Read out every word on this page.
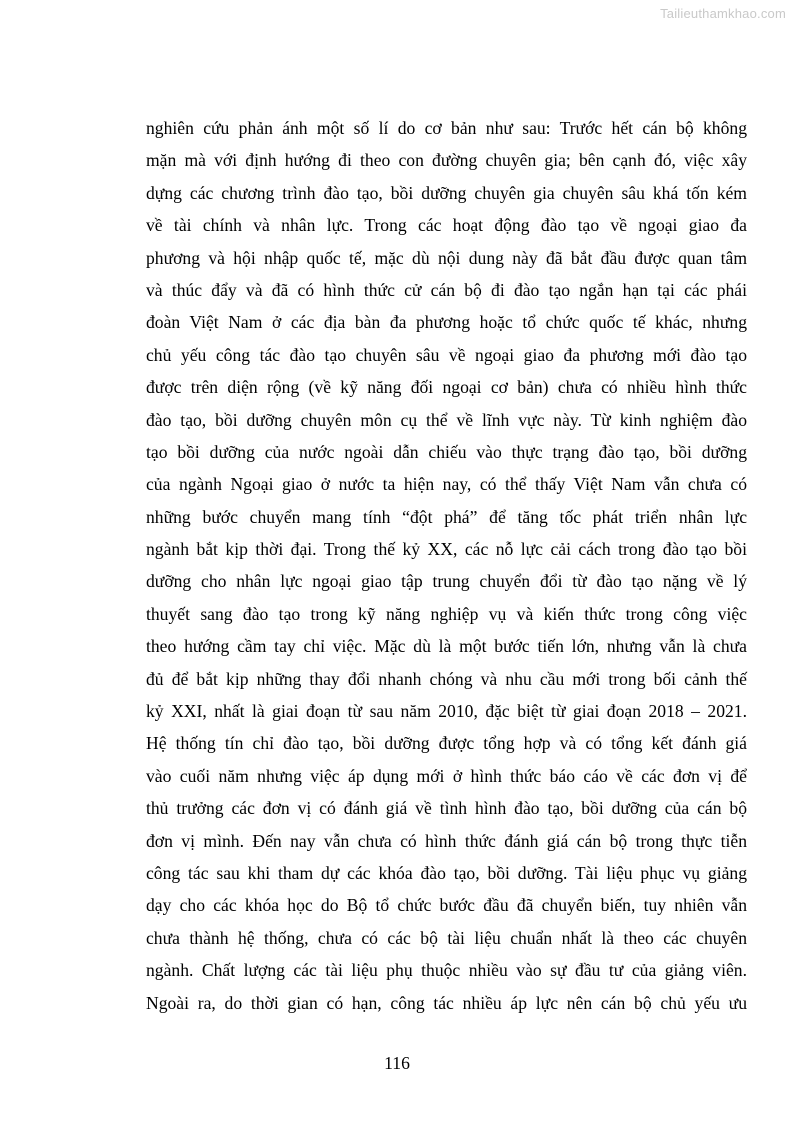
Tailieuthamkhao.com
nghiên cứu phản ánh một số lí do cơ bản như sau: Trước hết cán bộ không
mặn mà với định hướng đi theo con đường chuyên gia; bên cạnh đó, việc xây
dựng các chương trình đào tạo, bồi dưỡng chuyên gia chuyên sâu khá tốn kém
về tài chính và nhân lực. Trong các hoạt động đào tạo về ngoại giao đa
phương và hội nhập quốc tế, mặc dù nội dung này đã bắt đầu được quan tâm
và thúc đẩy và đã có hình thức cử cán bộ đi đào tạo ngắn hạn tại các phái
đoàn Việt Nam ở các địa bàn đa phương hoặc tổ chức quốc tế khác, nhưng
chủ yếu công tác đào tạo chuyên sâu về ngoại giao đa phương mới đào tạo
được trên diện rộng (về kỹ năng đối ngoại cơ bản) chưa có nhiều hình thức
đào tạo, bồi dưỡng chuyên môn cụ thể về lĩnh vực này. Từ kinh nghiệm đào
tạo bồi dưỡng của nước ngoài dẫn chiếu vào thực trạng đào tạo, bồi dưỡng
của ngành Ngoại giao ở nước ta hiện nay, có thể thấy Việt Nam vẫn chưa có
những bước chuyển mang tính “đột phá” để tăng tốc phát triển nhân lực
ngành bắt kịp thời đại. Trong thế kỷ XX, các nỗ lực cải cách trong đào tạo bồi
dưỡng cho nhân lực ngoại giao tập trung chuyển đổi từ đào tạo nặng về lý
thuyết sang đào tạo trong kỹ năng nghiệp vụ và kiến thức trong công việc
theo hướng cầm tay chỉ việc. Mặc dù là một bước tiến lớn, nhưng vẫn là chưa
đủ để bắt kịp những thay đổi nhanh chóng và nhu cầu mới trong bối cảnh thế
kỷ XXI, nhất là giai đoạn từ sau năm 2010, đặc biệt từ giai đoạn 2018 – 2021.
Hệ thống tín chỉ đào tạo, bồi dưỡng được tổng hợp và có tổng kết đánh giá
vào cuối năm nhưng việc áp dụng mới ở hình thức báo cáo về các đơn vị để
thủ trưởng các đơn vị có đánh giá về tình hình đào tạo, bồi dưỡng của cán bộ
đơn vị mình. Đến nay vẫn chưa có hình thức đánh giá cán bộ trong thực tiễn
công tác sau khi tham dự các khóa đào tạo, bồi dưỡng. Tài liệu phục vụ giảng
dạy cho các khóa học do Bộ tổ chức bước đầu đã chuyển biến, tuy nhiên vẫn
chưa thành hệ thống, chưa có các bộ tài liệu chuẩn nhất là theo các chuyên
ngành. Chất lượng các tài liệu phụ thuộc nhiều vào sự đầu tư của giảng viên.
Ngoài ra, do thời gian có hạn, công tác nhiều áp lực nên cán bộ chủ yếu ưu
116
